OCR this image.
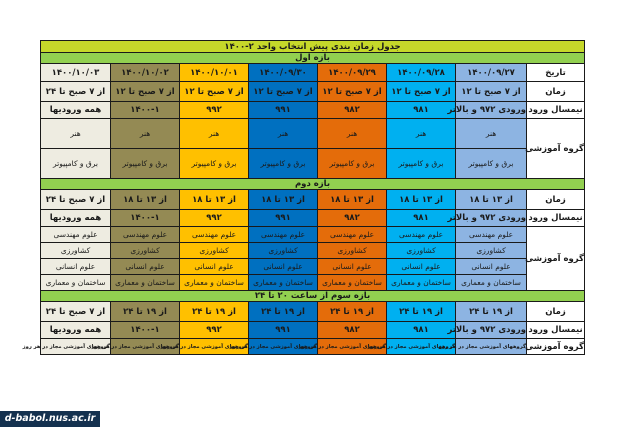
جدول زمان بندی پیش انتخاب واحد ۲-۱۴۰۰							
بازه اول							
تاریخ	۱۴۰۰/۰۹/۲۷	۱۴۰۰/۰۹/۲۸	۱۴۰۰/۰۹/۲۹	۱۴۰۰/۰۹/۳۰	۱۴۰۰/۱۰/۰۱	۱۴۰۰/۱۰/۰۲	۱۴۰۰/۱۰/۰۳
زمان	از ۷ صبح تا ۱۲	از ۷ صبح تا ۱۲	از ۷ صبح تا ۱۲	از ۷ صبح تا ۱۲	از ۷ صبح تا ۱۲	از ۷ صبح تا ۱۲	از ۷ صبح تا ۲۴
نیمسال ورود	ورودی ۹۷۲ و بالاتر	۹۸۱	۹۸۲	۹۹۱	۹۹۲	۱۴۰۰-۱	همه ورودیها
گروه آموزشی	هنر	هنر	هنر	هنر	هنر	هنر	هنر
	برق و کامپیوتر	برق و کامپیوتر	برق و کامپیوتر	برق و کامپیوتر	برق و کامپیوتر	برق و کامپیوتر	برق و کامپیوتر
بازه دوم							
زمان	از ۱۳ تا ۱۸	از ۱۳ تا ۱۸	از ۱۳ تا ۱۸	از ۱۳ تا ۱۸	از ۱۳ تا ۱۸	از ۱۳ تا ۱۸	از ۷ صبح تا ۲۴
نیمسال ورود	ورودی ۹۷۲ و بالاتر	۹۸۱	۹۸۲	۹۹۱	۹۹۲	۱۴۰۰-۱	همه ورودیها
گروه آموزشی	علوم مهندسی	علوم مهندسی	علوم مهندسی	علوم مهندسی	علوم مهندسی	علوم مهندسی	علوم مهندسی
	کشاورزی	کشاورزی	کشاورزی	کشاورزی	کشاورزی	کشاورزی	کشاورزی
	علوم انسانی	علوم انسانی	علوم انسانی	علوم انسانی	علوم انسانی	علوم انسانی	علوم انسانی
	ساختمان و معماری	ساختمان و معماری	ساختمان و معماری	ساختمان و معماری	ساختمان و معماری	ساختمان و معماری	ساختمان و معماری
بازه سوم از ساعت ۲۰ تا ۲۴							
زمان	از ۱۹ تا ۲۴	از ۱۹ تا ۲۴	از ۱۹ تا ۲۴	از ۱۹ تا ۲۴	از ۱۹ تا ۲۴	از ۱۹ تا ۲۴	از ۷ صبح تا ۲۴
نیمسال ورود	ورودی ۹۷۲ و بالاتر	۹۸۱	۹۸۲	۹۹۱	۹۹۲	۱۴۰۰-۱	همه ورودیها
گروه آموزشی	گروههای آموزشی مجاز در هر روز	گروههای آموزشی مجاز در هر روز	گروههای آموزشی مجاز در هر روز	گروههای آموزشی مجاز در هر روز	گروههای آموزشی مجاز در هر روز	گروههای آموزشی مجاز در هر روز	گروههای آموزشی مجاز در هر روز
d-babol.nus.ac.ir
